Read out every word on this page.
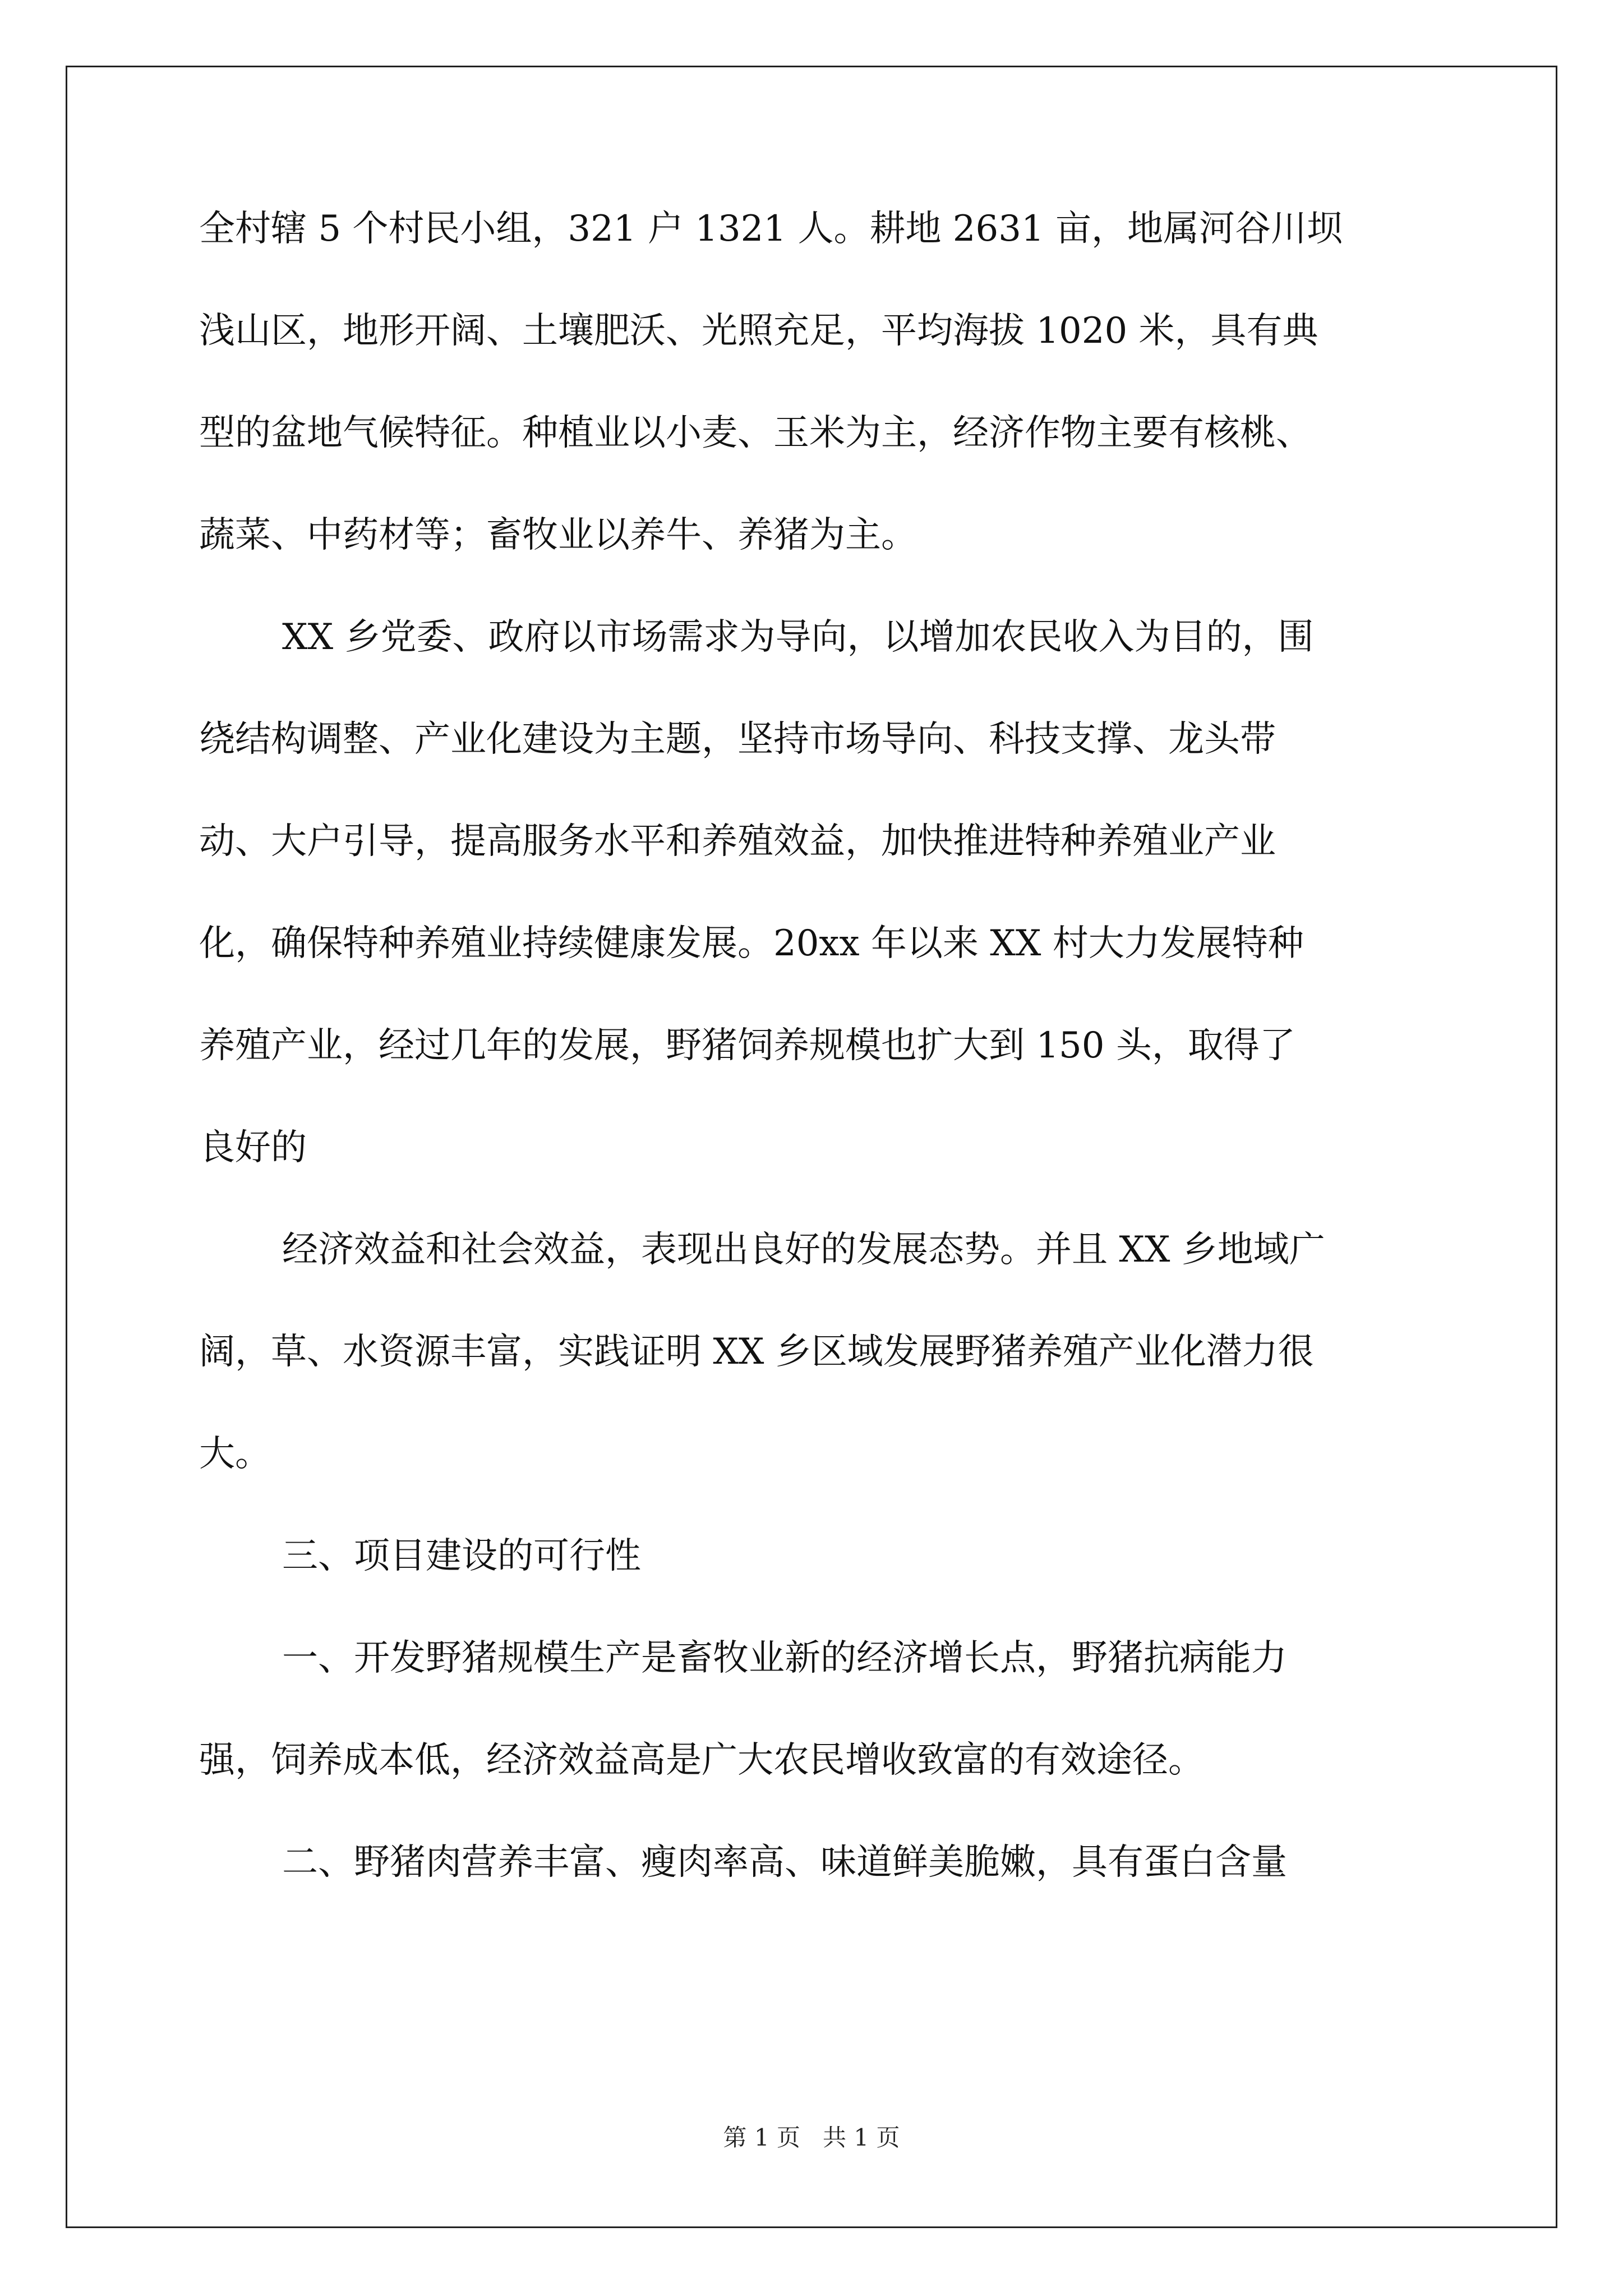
全村辖 5 个村民小组，321 户 1321 人。耕地 2631 亩，地属河谷川坝
浅山区，地形开阔、土壤肥沃、光照充足，平均海拔 1020 米，具有典
型的盆地气候特征。种植业以小麦、玉米为主，经济作物主要有核桃、
蔬菜、中药材等；畜牧业以养牛、养猪为主。
XX 乡党委、政府以市场需求为导向，以增加农民收入为目的，围
绕结构调整、产业化建设为主题，坚持市场导向、科技支撑、龙头带
动、大户引导，提高服务水平和养殖效益，加快推进特种养殖业产业
化，确保特种养殖业持续健康发展。20xx 年以来 XX 村大力发展特种
养殖产业，经过几年的发展，野猪饲养规模也扩大到 150 头，取得了
良好的
经济效益和社会效益，表现出良好的发展态势。并且 XX 乡地域广
阔，草、水资源丰富，实践证明 XX 乡区域发展野猪养殖产业化潜力很
大。
三、项目建设的可行性
一、开发野猪规模生产是畜牧业新的经济增长点，野猪抗病能力
强，饲养成本低，经济效益高是广大农民增收致富的有效途径。
二、野猪肉营养丰富、瘦肉率高、味道鲜美脆嫩，具有蛋白含量
第 1 页   共 1 页
